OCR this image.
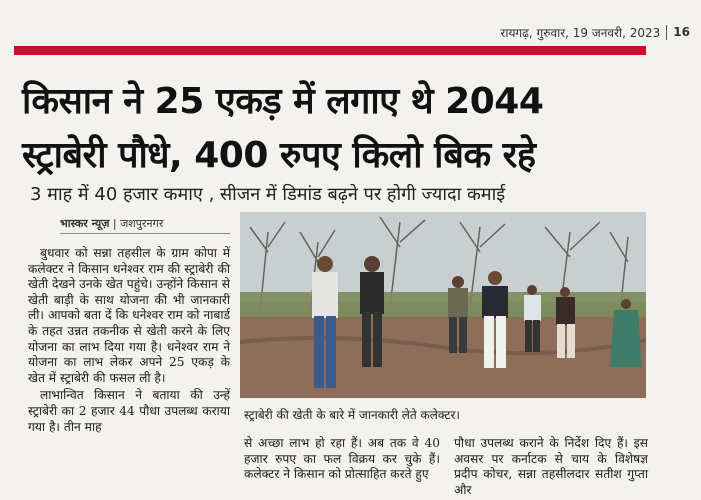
रायगढ़, गुरुवार, 19 जनवरी, 2023 16
किसान ने 25 एकड़ में लगाए थे 2044
स्ट्राबेरी पौधे, 400 रुपए किलो बिक रहे
3 माह में 40 हजार कमाए , सीजन में डिमांड बढ़ने पर होगी ज्यादा कमाई
भास्कर न्यूज़ | जशपुरनगर

बुधवार को सन्ना तहसील के ग्राम कोपा में कलेक्टर ने किसान धनेश्वर राम की स्ट्राबेरी की खेती देखने उनके खेत पहुंचे। उन्होंने किसान से खेती बाड़ी के साथ योजना की भी जानकारी ली। आपको बता दें कि धनेश्वर राम को नाबार्ड के तहत उन्नत तकनीक से खेती करने के लिए योजना का लाभ दिया गया है। धनेश्वर राम ने योजना का लाभ लेकर अपने 25 एकड़ के खेत में स्ट्राबेरी की फसल ली है।

लाभान्वित किसान ने बताया की उन्हें स्ट्राबेरी का 2 हजार 44 पौधा उपलब्ध कराया गया है। तीन माह

स्ट्राबेरी की खेती के बारे में जानकारी लेते कलेक्टर।
से अच्छा लाभ हो रहा हैं। अब तक वे 40 हजार रुपए का फल विक्रय कर चुके हैं। कलेक्टर ने किसान को प्रोत्साहित करते हुए
पौधा उपलब्ध कराने के निर्देश दिए हैं। इस अवसर पर कर्नाटक से चाय के विशेषज्ञ प्रदीप कोचर, सन्ना तहसीलदार सतीश गुप्ता और
